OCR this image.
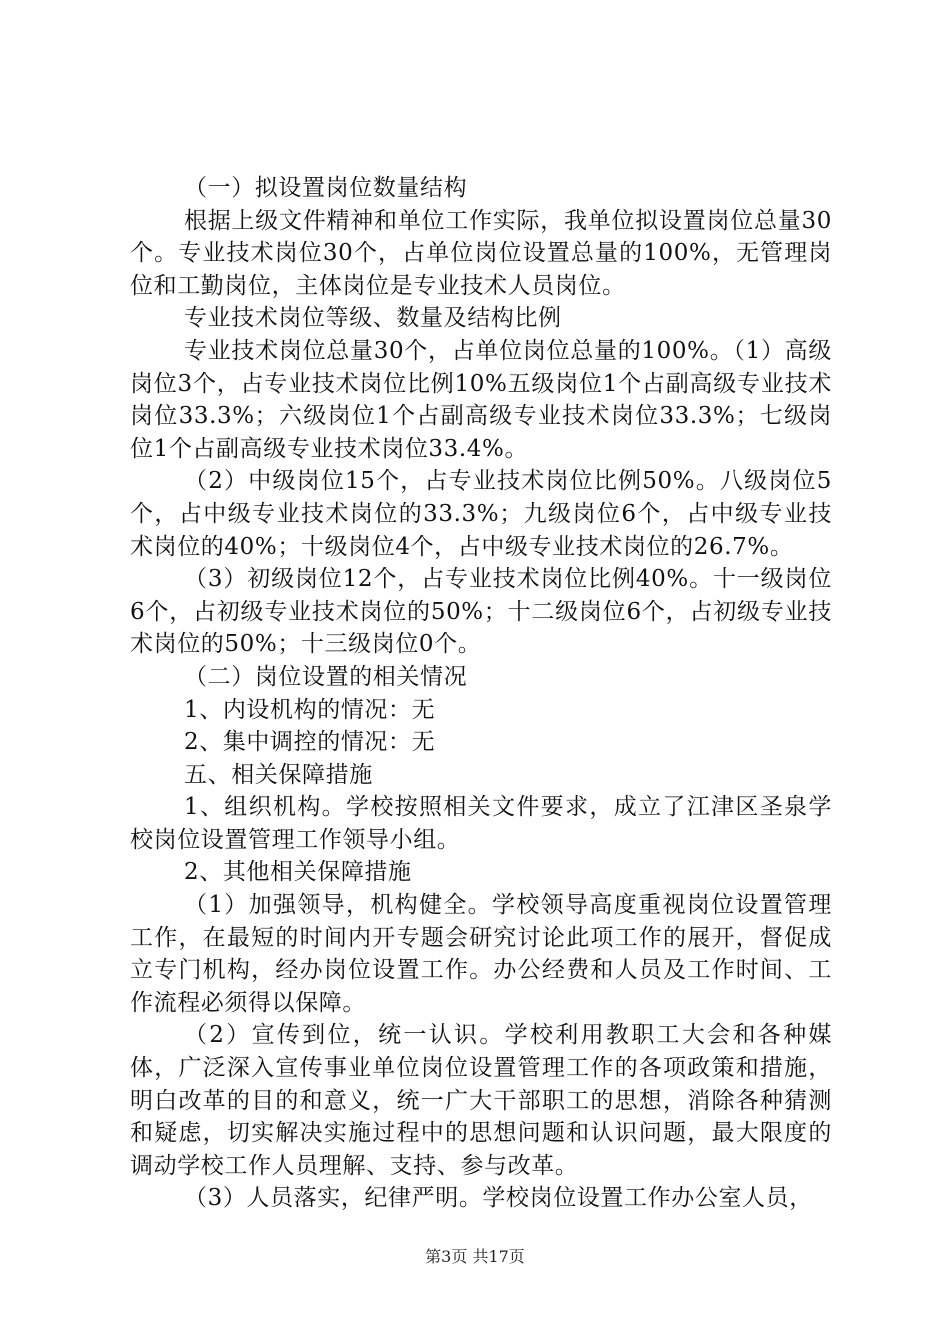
（一）拟设置岗位数量结构

根据上级文件精神和单位工作实际，我单位拟设置岗位总量30个。专业技术岗位30个，占单位岗位设置总量的100%，无管理岗位和工勤岗位，主体岗位是专业技术人员岗位。

专业技术岗位等级、数量及结构比例

专业技术岗位总量30个，占单位岗位总量的100%。（1）高级岗位3个，占专业技术岗位比例10%五级岗位1个占副高级专业技术岗位33.3%；六级岗位1个占副高级专业技术岗位33.3%；七级岗位1个占副高级专业技术岗位33.4%。

（2）中级岗位15个，占专业技术岗位比例50%。八级岗位5个，占中级专业技术岗位的33.3%；九级岗位6个，占中级专业技术岗位的40%；十级岗位4个，占中级专业技术岗位的26.7%。

（3）初级岗位12个，占专业技术岗位比例40%。十一级岗位6个，占初级专业技术岗位的50%；十二级岗位6个，占初级专业技术岗位的50%；十三级岗位0个。

（二）岗位设置的相关情况

1、内设机构的情况：无

2、集中调控的情况：无

五、相关保障措施

1、组织机构。学校按照相关文件要求，成立了江津区圣泉学校岗位设置管理工作领导小组。

2、其他相关保障措施

（1）加强领导，机构健全。学校领导高度重视岗位设置管理工作，在最短的时间内开专题会研究讨论此项工作的展开，督促成立专门机构，经办岗位设置工作。办公经费和人员及工作时间、工作流程必须得以保障。

（2）宣传到位，统一认识。学校利用教职工大会和各种媒体，广泛深入宣传事业单位岗位设置管理工作的各项政策和措施，明白改革的目的和意义，统一广大干部职工的思想，消除各种猜测和疑虑，切实解决实施过程中的思想问题和认识问题，最大限度的调动学校工作人员理解、支持、参与改革。

（3）人员落实，纪律严明。学校岗位设置工作办公室人员，

第3页 共17页
